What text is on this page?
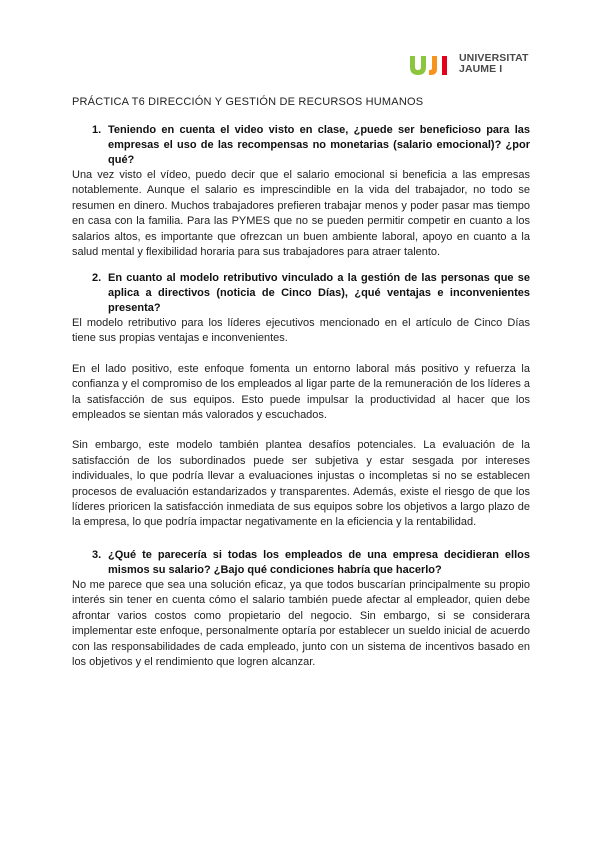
UNIVERSITAT
JAUME I
PRÁCTICA T6 DIRECCIÓN Y GESTIÓN DE RECURSOS HUMANOS
1. Teniendo en cuenta el video visto en clase, ¿puede ser beneficioso para las empresas el uso de las recompensas no monetarias (salario emocional)? ¿por qué?

Una vez visto el vídeo, puedo decir que el salario emocional si beneficia a las empresas notablemente. Aunque el salario es imprescindible en la vida del trabajador, no todo se resumen en dinero. Muchos trabajadores prefieren trabajar menos y poder pasar mas tiempo en casa con la familia. Para las PYMES que no se pueden permitir competir en cuanto a los salarios altos, es importante que ofrezcan un buen ambiente laboral, apoyo en cuanto a la salud mental y flexibilidad horaria para sus trabajadores para atraer talento.

2. En cuanto al modelo retributivo vinculado a la gestión de las personas que se aplica a directivos (noticia de Cinco Días), ¿qué ventajas e inconvenientes presenta?

El modelo retributivo para los líderes ejecutivos mencionado en el artículo de Cinco Días tiene sus propias ventajas e inconvenientes.

En el lado positivo, este enfoque fomenta un entorno laboral más positivo y refuerza la confianza y el compromiso de los empleados al ligar parte de la remuneración de los líderes a la satisfacción de sus equipos. Esto puede impulsar la productividad al hacer que los empleados se sientan más valorados y escuchados.

Sin embargo, este modelo también plantea desafíos potenciales. La evaluación de la satisfacción de los subordinados puede ser subjetiva y estar sesgada por intereses individuales, lo que podría llevar a evaluaciones injustas o incompletas si no se establecen procesos de evaluación estandarizados y transparentes. Además, existe el riesgo de que los líderes prioricen la satisfacción inmediata de sus equipos sobre los objetivos a largo plazo de la empresa, lo que podría impactar negativamente en la eficiencia y la rentabilidad.

3. ¿Qué te parecería si todas los empleados de una empresa decidieran ellos mismos su salario? ¿Bajo qué condiciones habría que hacerlo?

No me parece que sea una solución eficaz, ya que todos buscarían principalmente su propio interés sin tener en cuenta cómo el salario también puede afectar al empleador, quien debe afrontar varios costos como propietario del negocio. Sin embargo, si se considerara implementar este enfoque, personalmente optaría por establecer un sueldo inicial de acuerdo con las responsabilidades de cada empleado, junto con un sistema de incentivos basado en los objetivos y el rendimiento que logren alcanzar.
